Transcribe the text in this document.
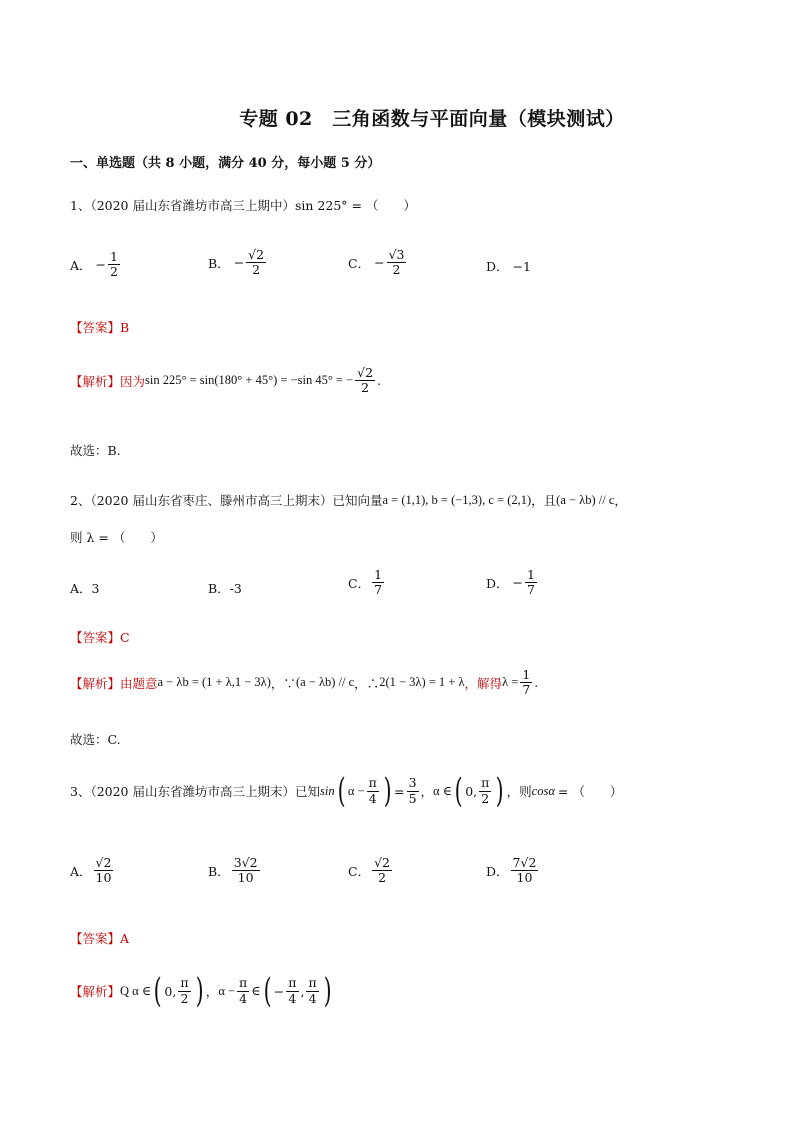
专题 02　三角函数与平面向量（模块测试）
一、单选题（共 8 小题，满分 40 分，每小题 5 分）
1、（2020 届山东省潍坊市高三上期中）sin 225° = （　　）
A． − $\frac{1}{2}$	B． − $\frac{√2}{2}$	C． − $\frac{√3}{2}$	D． −1
【答案】B
【解析】 因为 sin 225° = sin(180° + 45°) = −sin 45° = − $\frac{√2}{2}$ .
故选：B.
2、（2020 届山东省枣庄、滕州市高三上期末）已知向量 a = (1,1), b = (−1,3), c = (2,1) ，且 (a − λb) // c ，
则 λ = （　　）
A．3	B．-3	C． $\frac{1}{7}$	D． − $\frac{1}{7}$
【答案】C
【解析】 由题意 a − λb = (1 + λ,1 − 3λ) ，∵ (a − λb) // c ，∴ 2(1 − 3λ) = 1 + λ ，解得 $\lambda = \frac{1}{7}$ .
故选：C.
3、（2020 届山东省潍坊市高三上期末）已知 sin ( $\alpha - \frac{\pi}{4}$ ) = $\frac{3}{5}$ ， α ∈ ( 0, $\frac{\pi}{2}$ ) ，则 cosα = （　　）
A． $\frac{√2}{10}$	B． $\frac{3√2}{10}$	C． $\frac{√2}{2}$	D． $\frac{7√2}{10}$
【答案】A
【解析】 Q α ∈ ( 0, $\frac{\pi}{2}$ ) ， $\alpha - \frac{\pi}{4}$ ∈ ( − $\frac{\pi}{4}$ , $\frac{\pi}{4}$ )
